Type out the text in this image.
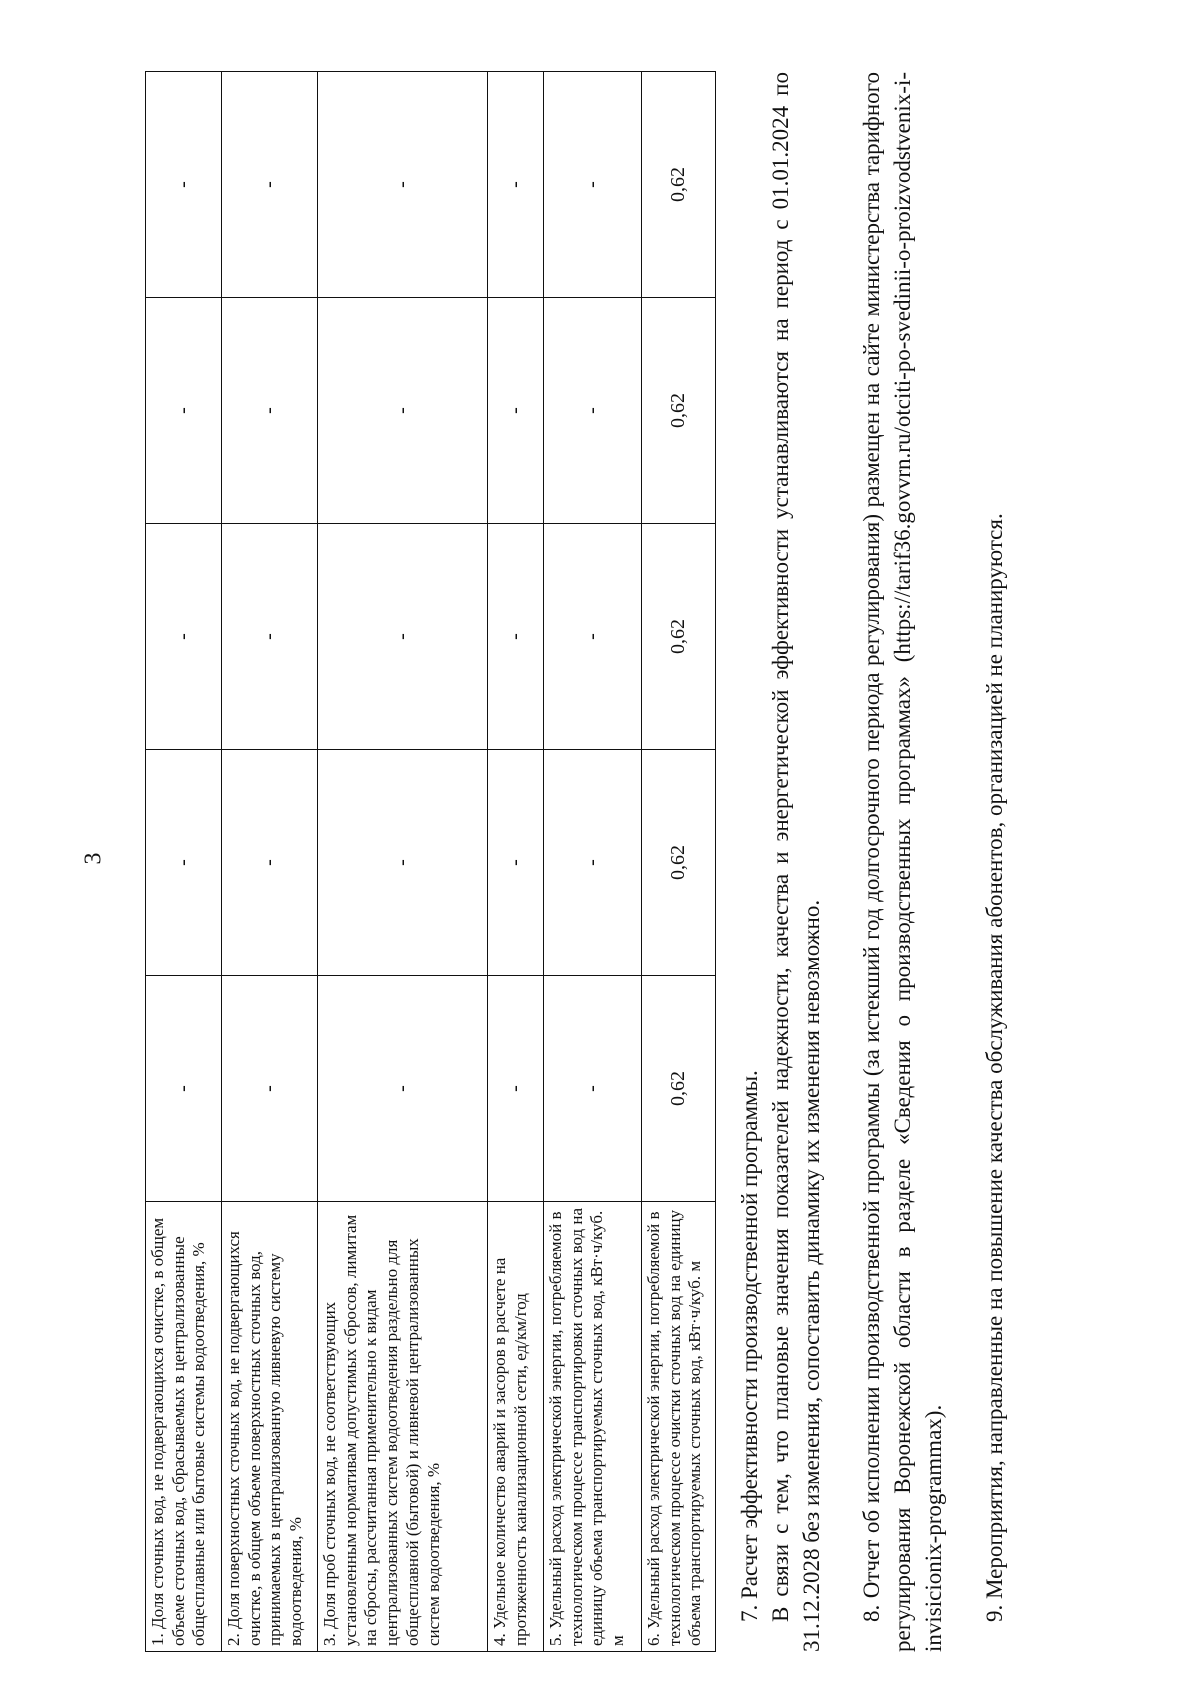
3
1. Доля сточных вод, не подвергающихся очистке, в общем объеме сточных вод, сбрасываемых в централизованные общесплавные или бытовые системы водоотведения, %	-	-	-	-	-
2. Доля поверхностных сточных вод, не подвергающихся очистке, в общем объеме поверхностных сточных вод, принимаемых в централизованную ливневую систему водоотведения, %	-	-	-	-	-
3. Доля проб сточных вод, не соответствующих установленным нормативам допустимых сбросов, лимитам на сбросы, рассчитанная применительно к видам централизованных систем водоотведения раздельно для общесплавной (бытовой) и ливневой централизованных систем водоотведения, %	-	-	-	-	-
4. Удельное количество аварий и засоров в расчете на протяженность канализационной сети, ед/км/год	-	-	-	-	-
5. Удельный расход электрической энергии, потребляемой в технологическом процессе транспортировки сточных вод на единицу объема транспортируемых сточных вод, кВт·ч/куб. м	-	-	-	-	-
6. Удельный расход электрической энергии, потребляемой в технологическом процессе очистки сточных вод на единицу объема транспортируемых сточных вод, кВт·ч/куб. м	0,62	0,62	0,62	0,62	0,62

7. Расчет эффективности производственной программы. В связи с тем, что плановые значения показателей надежности, качества и энергетической эффективности устанавливаются на период с 01.01.2024 по 31.12.2028 без изменения, сопоставить динамику их изменения невозможно. 8. Отчет об исполнении производственной программы (за истекший год долгосрочного периода регулирования) размещен на сайте министерства тарифного регулирования Воронежской области в разделе «Сведения о производственных программах» (https://tarif36.govvrn.ru/otciti-po-svedinii-o-proizvodstvenix-i-invisicionix-programmax). 9. Мероприятия, направленные на повышение качества обслуживания абонентов, организацией не планируются.
